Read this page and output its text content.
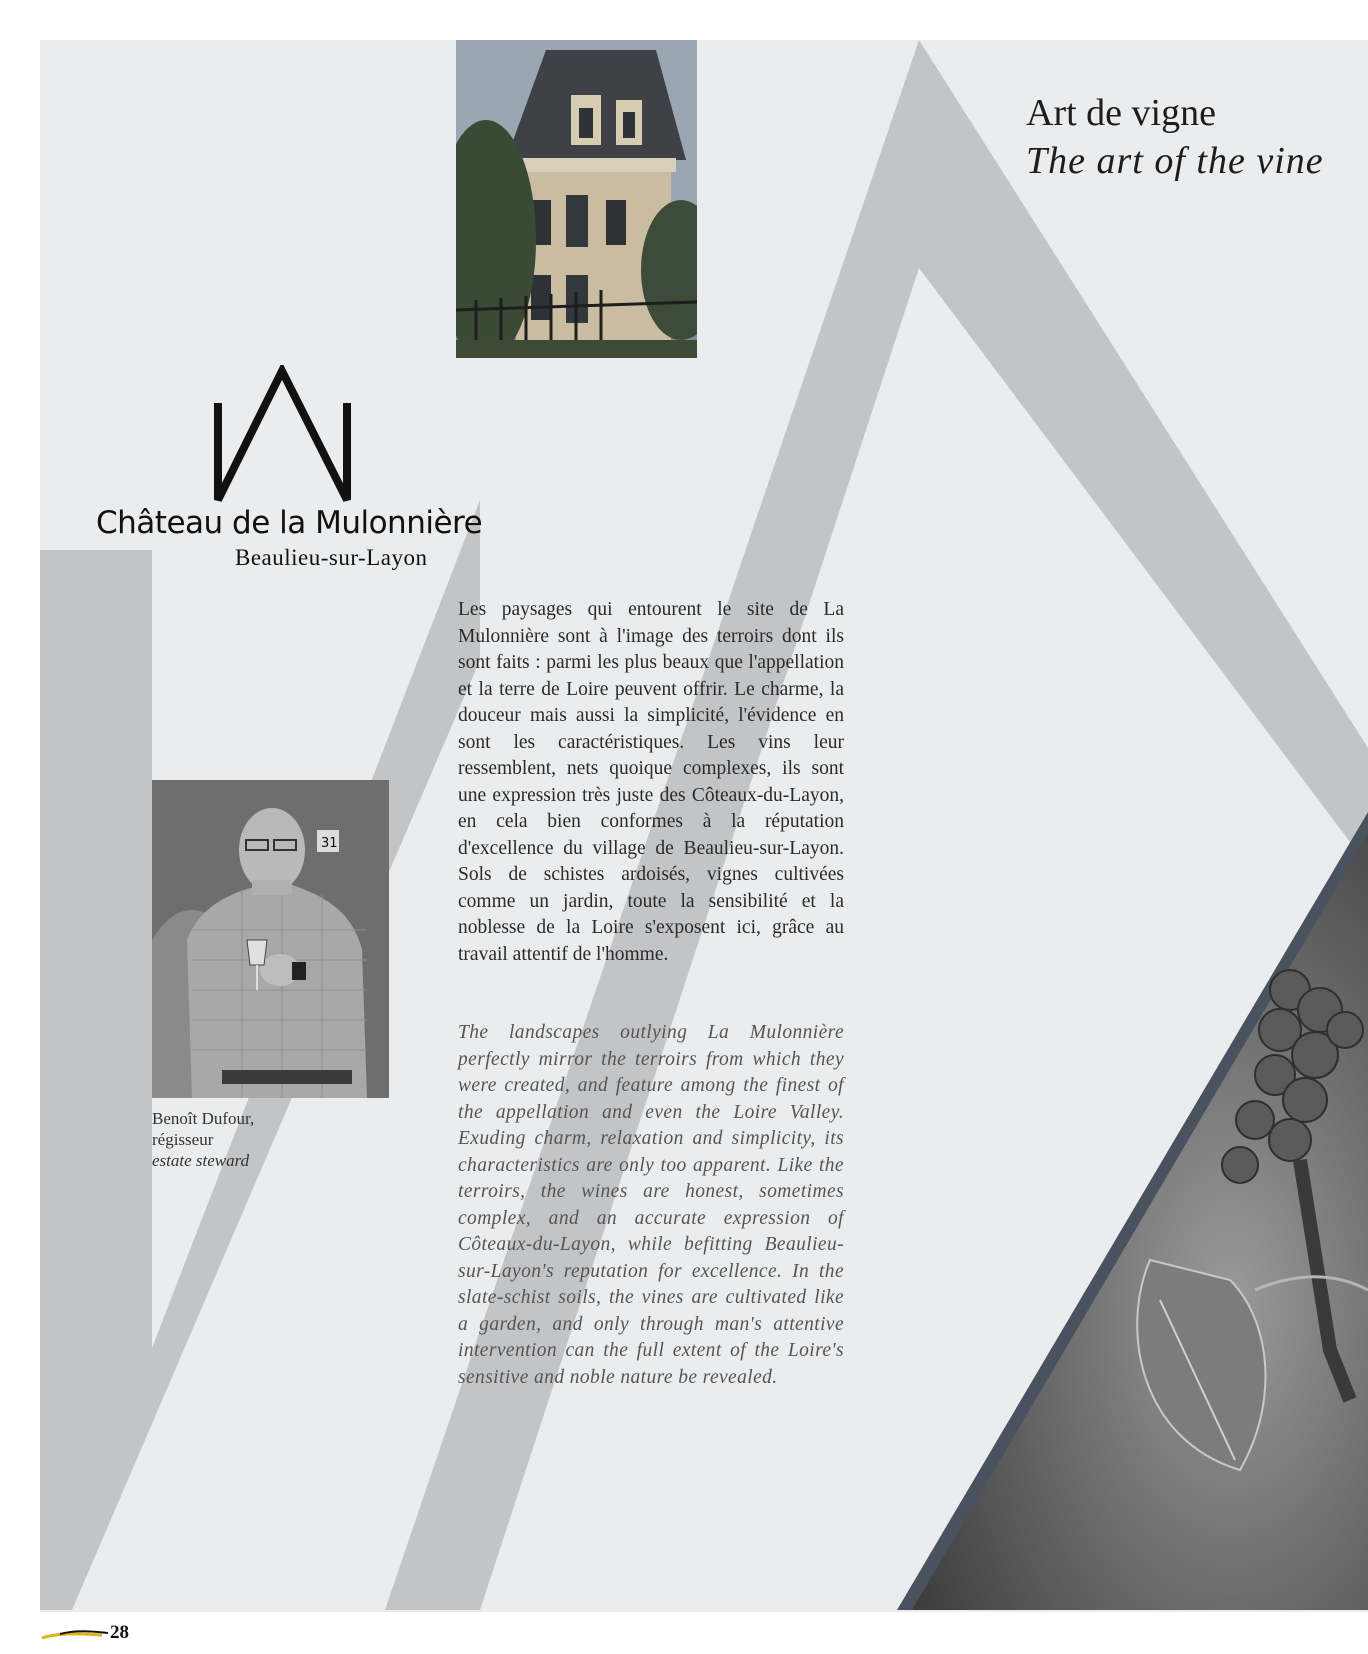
Art de vigne
The art of the vine
Château de la Mulonnière
Beaulieu-sur-Layon
31
Benoît Dufour,
régisseur
estate steward
Les paysages qui entourent le site de La Mulonnière sont à l'image des terroirs dont ils sont faits : parmi les plus beaux que l'appellation et la terre de Loire peuvent offrir. Le charme, la douceur mais aussi la simplicité, l'évidence en sont les caractéristiques. Les vins leur ressemblent, nets quoique complexes, ils sont une expression très juste des Côteaux-du-Layon, en cela bien conformes à la réputation d'excellence du village de Beaulieu-sur-Layon. Sols de schistes ardoisés, vignes cultivées comme un jardin, toute la sensibilité et la noblesse de la Loire s'exposent ici, grâce au travail attentif de l'homme.
The landscapes outlying La Mulonnière perfectly mirror the terroirs from which they were created, and feature among the finest of the appellation and even the Loire Valley. Exuding charm, relaxation and simplicity, its characteristics are only too apparent. Like the terroirs, the wines are honest, sometimes complex, and an accurate expression of Côteaux-du-Layon, while befitting Beaulieu-sur-Layon's reputation for excellence. In the slate-schist soils, the vines are cultivated like a garden, and only through man's attentive intervention can the full extent of the Loire's sensitive and noble nature be revealed.
28
